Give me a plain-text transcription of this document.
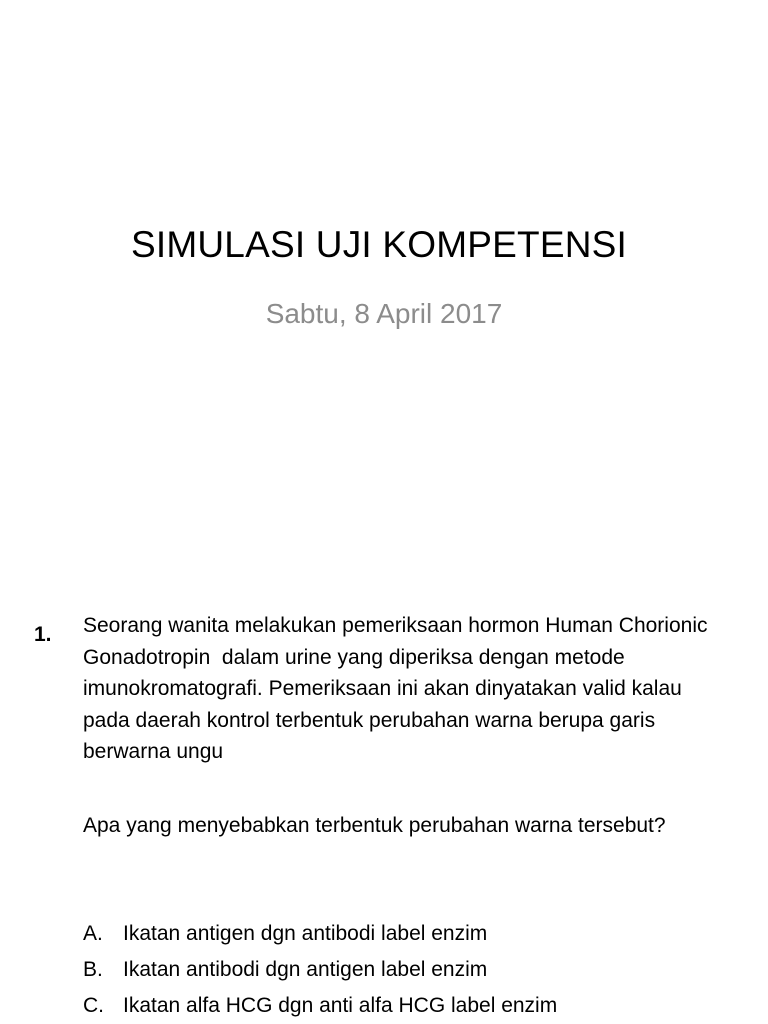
SIMULASI UJI KOMPETENSI
Sabtu, 8 April 2017
1. Seorang wanita melakukan pemeriksaan hormon Human Chorionic Gonadotropin  dalam urine yang diperiksa dengan metode imunokromatografi. Pemeriksaan ini akan dinyatakan valid kalau pada daerah kontrol terbentuk perubahan warna berupa garis berwarna ungu

Apa yang menyebabkan terbentuk perubahan warna tersebut?

A. Ikatan antigen dgn antibodi label enzim
B. Ikatan antibodi dgn antigen label enzim
C. Ikatan alfa HCG dgn anti alfa HCG label enzim
